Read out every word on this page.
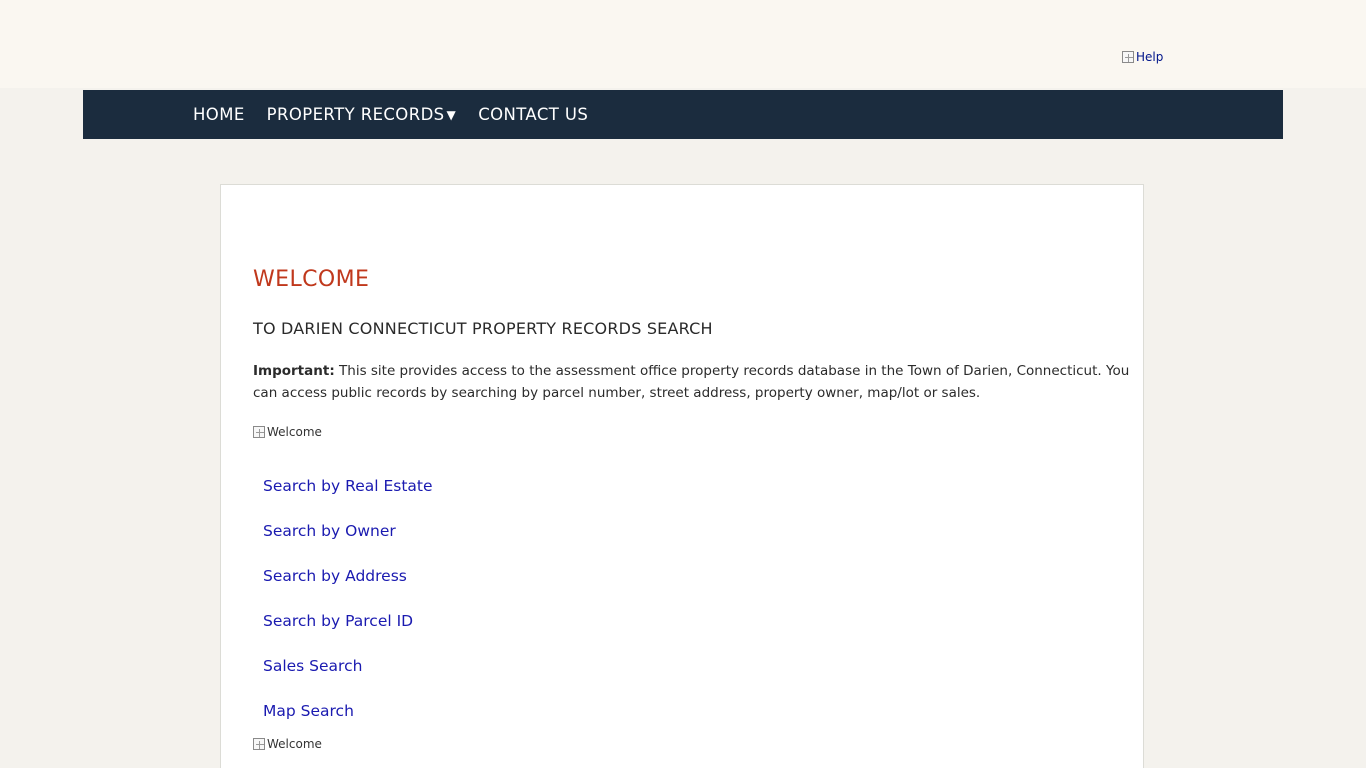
Help
HOME PROPERTY RECORDS ▼ CONTACT US
WELCOME
TO DARIEN CONNECTICUT PROPERTY RECORDS SEARCH
Important: This site provides access to the assessment office property records database in the Town of Darien, Connecticut. You can access public records by searching by parcel number, street address, property owner, map/lot or sales.
Welcome
Search by Real Estate
Search by Owner
Search by Address
Search by Parcel ID
Sales Search
Map Search
Welcome
